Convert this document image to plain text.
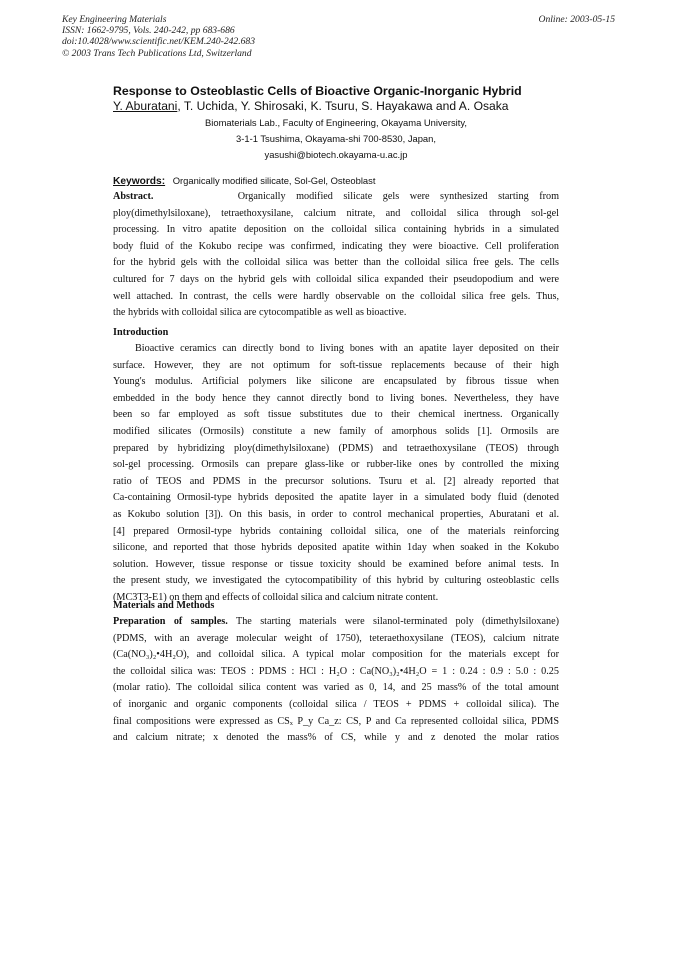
Key Engineering Materials
ISSN: 1662-9795, Vols. 240-242, pp 683-686
doi:10.4028/www.scientific.net/KEM.240-242.683
© 2003 Trans Tech Publications Ltd, Switzerland
Online: 2003-05-15
Response to Osteoblastic Cells of Bioactive Organic-Inorganic Hybrid
Y. Aburatani, T. Uchida, Y. Shirosaki, K. Tsuru, S. Hayakawa and A. Osaka
Biomaterials Lab., Faculty of Engineering, Okayama University,
3-1-1 Tsushima, Okayama-shi 700-8530, Japan,
yasushi@biotech.okayama-u.ac.jp
Keywords: Organically modified silicate, Sol-Gel, Osteoblast
Abstract.	Organically modified silicate gels were synthesized starting from
ploy(dimethylsiloxane), tetraethoxysilane, calcium nitrate, and colloidal silica through sol-gel
processing. In vitro apatite deposition on the colloidal silica containing hybrids in a simulated
body fluid of the Kokubo recipe was confirmed, indicating they were bioactive. Cell proliferation
for the hybrid gels with the colloidal silica was better than the colloidal silica free gels. The cells
cultured for 7 days on the hybrid gels with colloidal silica expanded their pseudopodium and were
well attached. In contrast, the cells were hardly observable on the colloidal silica free gels. Thus,
the hybrids with colloidal silica are cytocompatible as well as bioactive.
Introduction
Bioactive ceramics can directly bond to living bones with an apatite layer deposited on their
surface. However, they are not optimum for soft-tissue replacements because of their high
Young's modulus. Artificial polymers like silicone are encapsulated by fibrous tissue when
embedded in the body hence they cannot directly bond to living bones. Nevertheless, they have
been so far employed as soft tissue substitutes due to their chemical inertness. Organically
modified silicates (Ormosils) constitute a new family of amorphous solids [1]. Ormosils are
prepared by hybridizing ploy(dimethylsiloxane) (PDMS) and tetraethoxysilane (TEOS) through
sol-gel processing. Ormosils can prepare glass-like or rubber-like ones by controlled the mixing
ratio of TEOS and PDMS in the precursor solutions. Tsuru et al. [2] already reported that
Ca-containing Ormosil-type hybrids deposited the apatite layer in a simulated body fluid (denoted
as Kokubo solution [3]). On this basis, in order to control mechanical properties, Aburatani et al.
[4] prepared Ormosil-type hybrids containing colloidal silica, one of the materials reinforcing
silicone, and reported that those hybrids deposited apatite within 1day when soaked in the Kokubo
solution. However, tissue response or tissue toxicity should be examined before animal tests. In
the present study, we investigated the cytocompatibility of this hybrid by culturing osteoblastic cells
(MC3T3-E1) on them and effects of colloidal silica and calcium nitrate content.
Materials and Methods
Preparation of samples. The starting materials were silanol-terminated poly (dimethylsiloxane)
(PDMS, with an average molecular weight of 1750), teteraethoxysilane (TEOS), calcium nitrate
(Ca(NO₃)₂•4H₂O), and colloidal silica. A typical molar composition for the materials except for
the colloidal silica was: TEOS : PDMS : HCl : H₂O : Ca(NO₃)₂•4H₂O = 1 : 0.24 : 0.9 : 5.0 : 0.25
(molar ratio). The colloidal silica content was varied as 0, 14, and 25 mass% of the total amount
of inorganic and organic components (colloidal silica / TEOS + PDMS + colloidal silica). The
final compositions were expressed as CSₓ P_y Ca_z: CS, P and Ca represented colloidal silica, PDMS
and calcium nitrate; x denoted the mass% of CS, while y and z denoted the molar ratios
